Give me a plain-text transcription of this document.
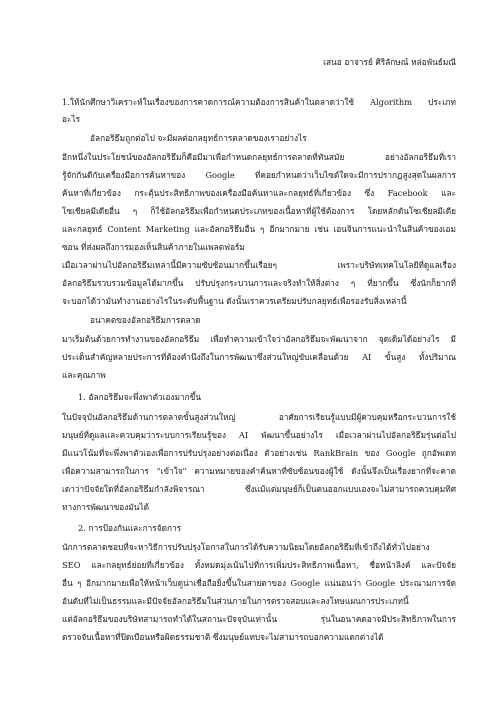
เสนอ อาจารย์ ศิริลักษณ์ หล่อพันธ์มณี
1.ให้นักศึกษาวิเคราะห์ในเรื่องของการคาดการณ์ความต้องการสินค้าในตลาดว่าใช้ Algorithm ประเภท
อะไร
อัลกอริธึมถูกต่อไป จะมีผลต่อกลยุทธ์การตลาดของเราอย่างไร
อีกหนึ่งในประโยชน์ของอัลกอริธึมก็คือมีมาเพื่อกำหนดกลยุทธ์การตลาดที่ทันสมัย อย่างอัลกอริธึมที่เรา
รู้จักกันดีกับเครื่องมือการค้นหาของ Google ที่คอยกำหนดว่าเว็บไซต์ใดจะมีการปรากฏสูงสุดในผลการ
ค้นหาที่เกี่ยวข้อง กระตุ้นประสิทธิภาพของเครื่องมือค้นหาและกลยุทธ์ที่เกี่ยวข้อง ซึ่ง Facebook และ
โซเชียลมีเดียอื่น ๆ ก็ใช้อัลกอริธึมเพื่อกำหนดประเภทของเนื้อหาที่ผู้ใช้ต้องการ โดยหลักดันโซเชียลมีเดีย
และกลยุทธ์ Content Marketing และอัลกอริธึมอื่น ๆ อีกมากมาย เช่น เอนจินการแนะนำในสินค้าของเอม
ซอน ที่ส่งผลถึงการมองเห็นสินค้าภายในแพลตฟอร์ม
เมื่อเวลาผ่านไปอัลกอริธึมเหล่านี้มีความซับซ้อนมากขึ้นเรื่อยๆ เพราะบริษัทเทคโนโลยีที่ดูแลเรื่อง
อัลกอริธึมรวบรวมข้อมูลได้มากขึ้น ปรับปรุงกระบวนการและจริงทำให้สิ่งต่าง ๆ ที่ยากขึ้น ซึ่งนักก็ยากที่
จะบอกได้ว่ามันทำงานอย่างไรในระดับพื้นฐาน ดังนั้นเราควรเตรียมปรับกลยุทธ์เพื่อรองรับสิ่งเหล่านี้
อนาคตของอัลกอริธึมการตลาด
มาเริ่มต้นด้วยการทำงานของอัลกอริธึม เพื่อทำความเข้าใจว่าอัลกอริธึมจะพัฒนาจาก จุดเดิมได้อย่างไร มี
ประเด็นสำคัญหลายประการที่ต้องคำนึงถึงในการพัฒนาซึ่งส่วนใหญ่ขับเคลื่อนด้วย AI ขั้นสูง ทั้งปริมาณ
และคุณภาพ
1. อัลกอริธึมจะพึ่งพาตัวเองมากขึ้น
ในปัจจุบันอัลกอริธึมด้านการตลาดขั้นสูงส่วนใหญ่ อาศัยการเรียนรู้แบบมีผู้ควบคุมหรือกระบวนการใช้
มนุษย์ที่ดูแลและควบคุมว่าระบบการเรียนรู้ของ AI พัฒนาขึ้นอย่างไร เมื่อเวลาผ่านไปอัลกอริธึมรุ่นต่อไป
มีแนวโน้มที่จะพึ่งพาตัวเองเพื่อการปรับปรุงอย่างต่อเนื่อง ตัวอย่างเช่น RankBrain ของ Google ถูกอัพเดท
เพื่อความสามารถในการ "เข้าใจ" ความหมายของคำค้นหาที่ซับซ้อนของผู้ใช้ ดังนั้นจึงเป็นเรื่องยากที่จะคาด
เดาว่าปัจจัยใดที่อัลกอริธึมกำลังพิจารณา ซึ่งแม้แต่มนุษย์ก็เป็นคนออกแบบเองจะไม่สามารถควบคุมทิศ
ทางการพัฒนาของมันได้
2. การป้องกันและการจัดการ
นักการตลาดชอบที่จะหาวิธีการปรับปรุงโอกาสในการได้รับความนิยมโดยอัลกอริธึมที่เข้าถึงได้ทั่วไปอย่าง
SEO และกลยุทธ์ย่อยที่เกี่ยวข้อง ทั้งหมดมุ่งเน้นไปที่การเพิ่มประสิทธิภาพเนื้อหา, ชื่อหน้าลิงค์ และปัจจัย
อื่น ๆ อีกมากมายเพื่อให้หน้าเว็บดูน่าเชื่อถือยิ่งขึ้นในสายตาของ Google แน่นอนว่า Google ประณามการจัด
อันดับที่ไม่เป็นธรรมและมีปัจจัยอัลกอริธึมในส่วนภายในการตรวจสอบและลงโทษแผนการประเภทนี้
แต่อัลกอริธึมของบริษัทสามารถทำได้ในสถานะปัจจุบันเท่านั้น รุ่นในอนาคตอาจมีประสิทธิภาพในการ
ตรวจจับเนื้อหาที่ปิดเบือนหรือผิดธรรมชาติ ซึ่งมนุษย์แทบจะไม่สามารถบอกความแตกต่างได้
